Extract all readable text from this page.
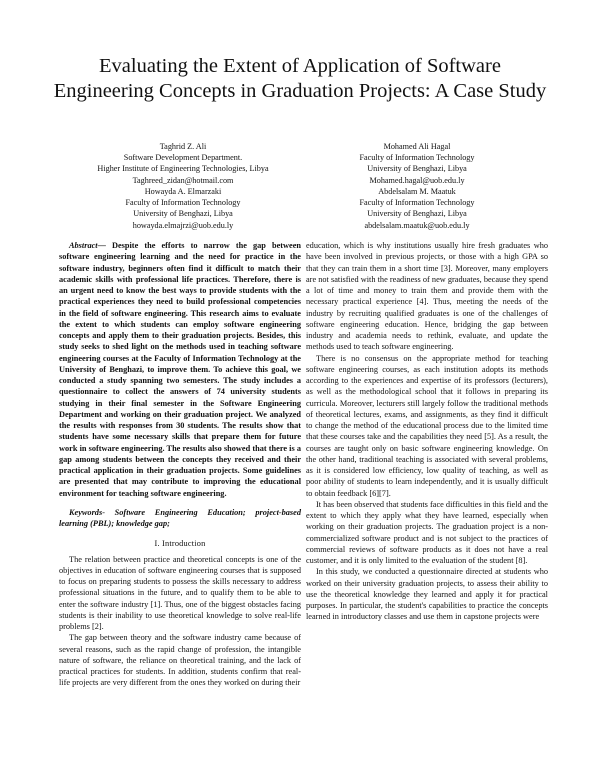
Evaluating the Extent of Application of Software Engineering Concepts in Graduation Projects: A Case Study
Taghrid Z. Ali
Software Development Department.
Higher Institute of Engineering Technologies, Libya
Taghreed_zidan@hotmail.com
Mohamed Ali Hagal
Faculty of Information Technology
University of Benghazi, Libya
Mohamed.hagal@uob.edu.ly
Howayda A. Elmarzaki
Faculty of Information Technology
University of Benghazi, Libya
howayda.elmajrzi@uob.edu.ly
Abdelsalam M. Maatuk
Faculty of Information Technology
University of Benghazi, Libya
abdelsalam.maatuk@uob.edu.ly

Abstract— Despite the efforts to narrow the gap between software engineering learning and the need for practice in the software industry, beginners often find it difficult to match their academic skills with professional life practices. Therefore, there is an urgent need to know the best ways to provide students with the practical experiences they need to build professional competencies in the field of software engineering. This research aims to evaluate the extent to which students can employ software engineering concepts and apply them to their graduation projects. Besides, this study seeks to shed light on the methods used in teaching software engineering courses at the Faculty of Information Technology at the University of Benghazi, to improve them. To achieve this goal, we conducted a study spanning two semesters. The study includes a questionnaire to collect the answers of 74 university students studying in their final semester in the Software Engineering Department and working on their graduation project. We analyzed the results with responses from 30 students. The results show that students have some necessary skills that prepare them for future work in software engineering. The results also showed that there is a gap among students between the concepts they received and their practical application in their graduation projects. Some guidelines are presented that may contribute to improving the educational environment for teaching software engineering.

Keywords- Software Engineering Education; project-based learning (PBL); knowledge gap;

I. Introduction

The relation between practice and theoretical concepts is one of the objectives in education of software engineering courses that is supposed to focus on preparing students to possess the skills necessary to address professional situations in the future, and to qualify them to be able to enter the software industry [1]. Thus, one of the biggest obstacles facing students is their inability to use theoretical knowledge to solve real-life problems [2].

The gap between theory and the software industry came because of several reasons, such as the rapid change of profession, the intangible nature of software, the reliance on theoretical training, and the lack of practical practices for students. In addition, students confirm that real-life projects are very different from the ones they worked on during their

education, which is why institutions usually hire fresh graduates who have been involved in previous projects, or those with a high GPA so that they can train them in a short time [3]. Moreover, many employers are not satisfied with the readiness of new graduates, because they spend a lot of time and money to train them and provide them with the necessary practical experience [4]. Thus, meeting the needs of the industry by recruiting qualified graduates is one of the challenges of software engineering education. Hence, bridging the gap between industry and academia needs to rethink, evaluate, and update the methods used to teach software engineering.

There is no consensus on the appropriate method for teaching software engineering courses, as each institution adopts its methods according to the experiences and expertise of its professors (lecturers), as well as the methodological school that it follows in preparing its curricula. Moreover, lecturers still largely follow the traditional methods of theoretical lectures, exams, and assignments, as they find it difficult to change the method of the educational process due to the limited time that these courses take and the capabilities they need [5]. As a result, the courses are taught only on basic software engineering knowledge. On the other hand, traditional teaching is associated with several problems, as it is considered low efficiency, low quality of teaching, as well as poor ability of students to learn independently, and it is usually difficult to obtain feedback [6][7].

It has been observed that students face difficulties in this field and the extent to which they apply what they have learned, especially when working on their graduation projects. The graduation project is a non-commercialized software product and is not subject to the practices of commercial reviews of software products as it does not have a real customer, and it is only limited to the evaluation of the student [8].

In this study, we conducted a questionnaire directed at students who worked on their university graduation projects, to assess their ability to use the theoretical knowledge they learned and apply it for practical purposes. In particular, the student's capabilities to practice the concepts learned in introductory classes and use them in capstone projects were
